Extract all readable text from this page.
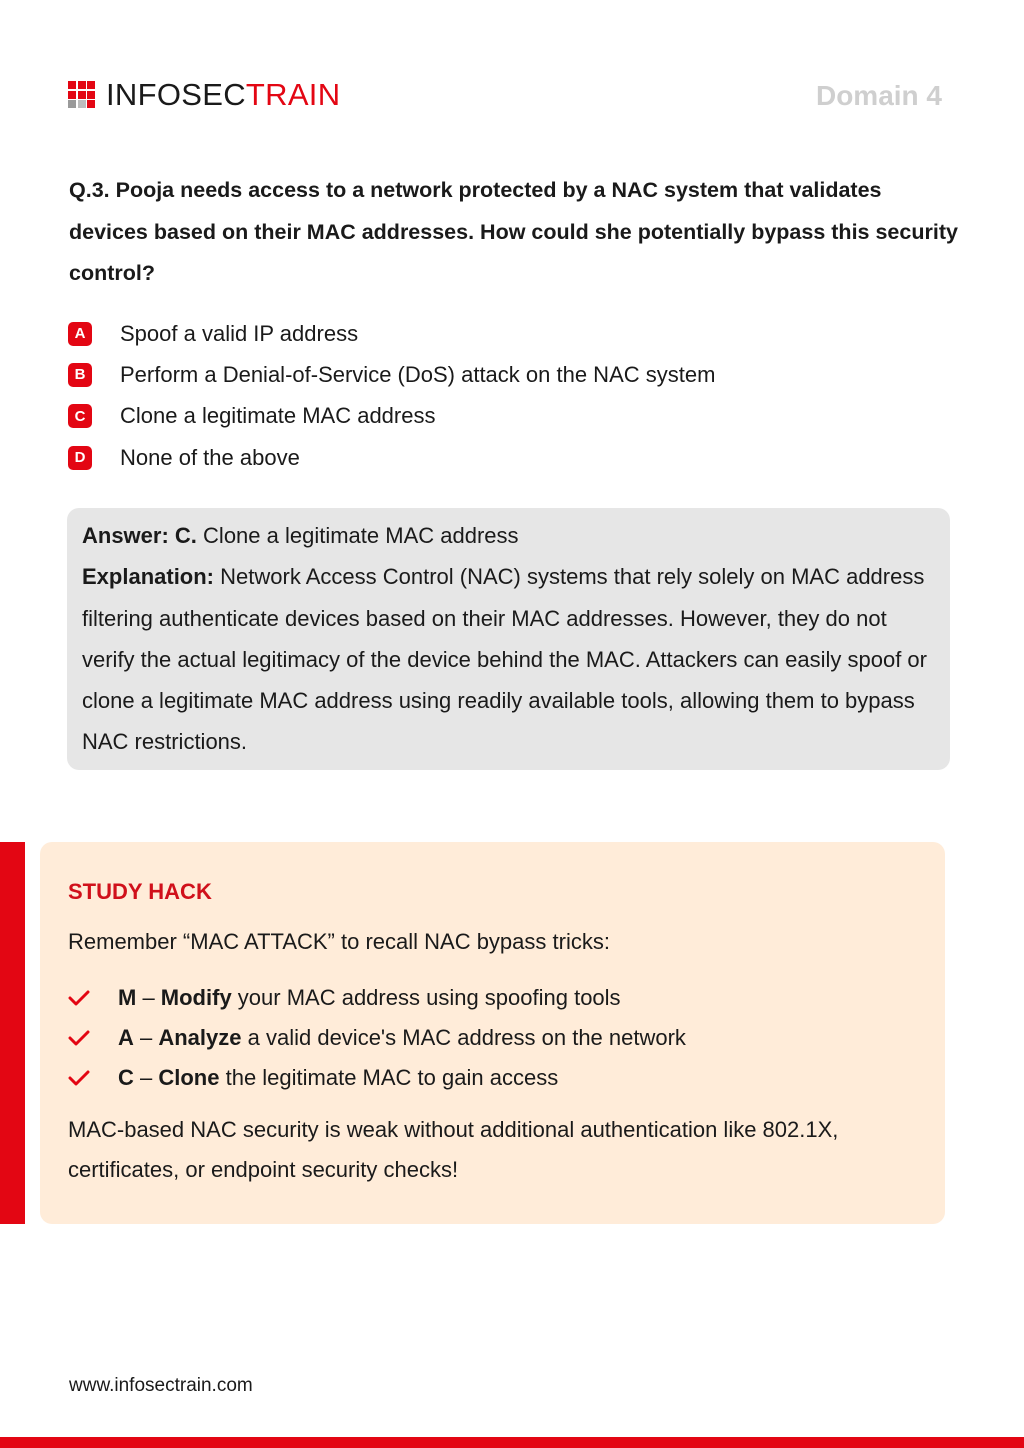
INFOSECTRAIN	Domain 4

Q.3. Pooja needs access to a network protected by a NAC system that validates devices based on their MAC addresses. How could she potentially bypass this security control?

A Spoof a valid IP address
B Perform a Denial-of-Service (DoS) attack on the NAC system
C Clone a legitimate MAC address
D None of the above

Answer: C. Clone a legitimate MAC address

Explanation: Network Access Control (NAC) systems that rely solely on MAC address filtering authenticate devices based on their MAC addresses. However, they do not verify the actual legitimacy of the device behind the MAC. Attackers can easily spoof or clone a legitimate MAC address using readily available tools, allowing them to bypass NAC restrictions.

STUDY HACK

Remember “MAC ATTACK” to recall NAC bypass tricks:

M – Modify your MAC address using spoofing tools
A – Analyze a valid device's MAC address on the network
C – Clone the legitimate MAC to gain access

MAC-based NAC security is weak without additional authentication like 802.1X, certificates, or endpoint security checks!

www.infosectrain.com
